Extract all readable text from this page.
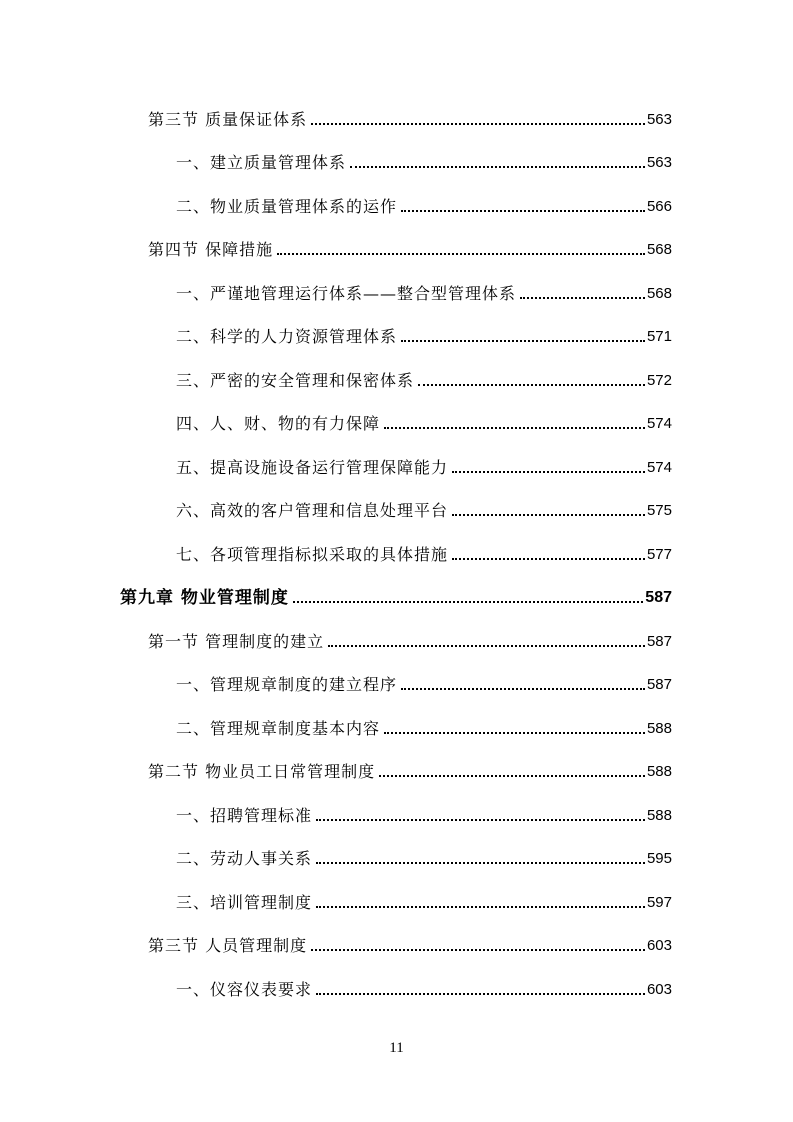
第三节 质量保证体系	563
一、建立质量管理体系	563
二、物业质量管理体系的运作	566
第四节 保障措施	568
一、严谨地管理运行体系——整合型管理体系	568
二、科学的人力资源管理体系	571
三、严密的安全管理和保密体系	572
四、人、财、物的有力保障	574
五、提高设施设备运行管理保障能力	574
六、高效的客户管理和信息处理平台	575
七、各项管理指标拟采取的具体措施	577
第九章 物业管理制度	587
第一节 管理制度的建立	587
一、管理规章制度的建立程序	587
二、管理规章制度基本内容	588
第二节 物业员工日常管理制度	588
一、招聘管理标准	588
二、劳动人事关系	595
三、培训管理制度	597
第三节 人员管理制度	603
一、仪容仪表要求	603
11
